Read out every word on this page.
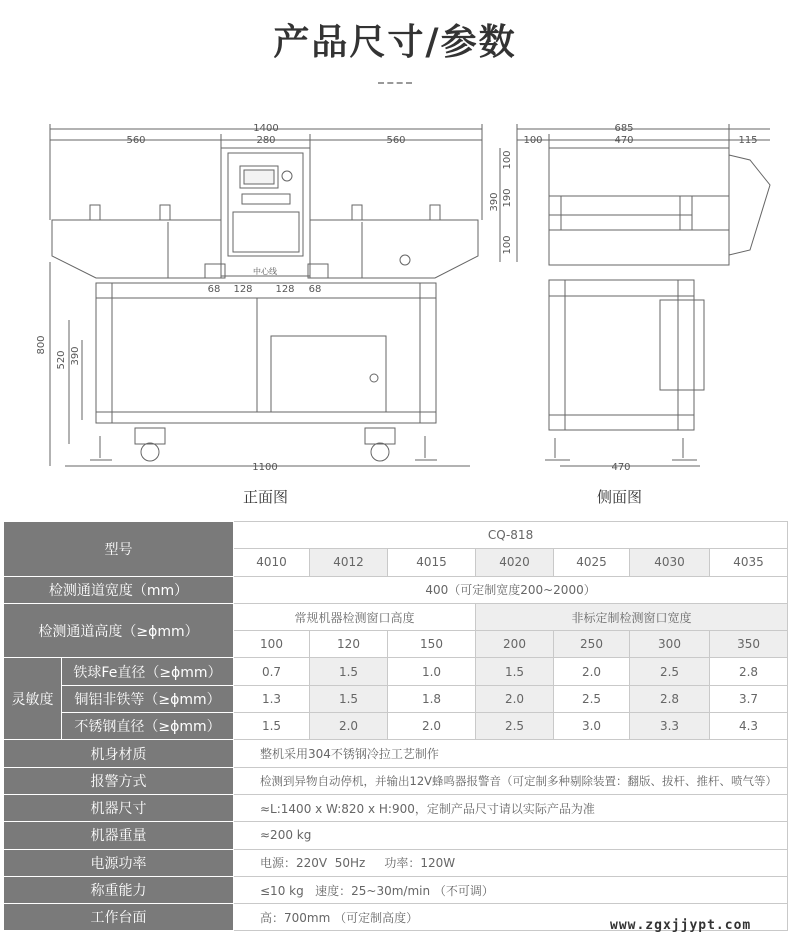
产品尺寸/参数
1400
560	280	560
68 128 128 68
中心线
1100
800
520 390
685
100	470	115
100
190
390
100
470
正面图	侧面图
型号		CQ-818						
		4010	4012	4015	4020	4025	4030	4035
检测通道宽度（mm）		400（可定制宽度200~2000）						
检测通道高度（≥ϕmm）		常规机器检测窗口高度			非标定制检测窗口宽度			
		100	120	150	200	250	300	350
灵敏度	铁球Fe直径（≥ϕmm）	0.7	1.5	1.0	1.5	2.0	2.5	2.8
	铜铝非铁等（≥ϕmm）	1.3	1.5	1.8	2.0	2.5	2.8	3.7
	不锈钢直径（≥ϕmm）	1.5	2.0	2.0	2.5	3.0	3.3	4.3
机身材质		整机采用304不锈钢冷拉工艺制作						
报警方式		检测到异物自动停机，并输出12V蜂鸣器报警音（可定制多种剔除装置：翻版、拔杆、推杆、喷气等）						
机器尺寸		≈L:1400 x W:820 x H:900，定制产品尺寸请以实际产品为准						
机器重量		≈200 kg						
电源功率		电源：220V  50Hz     功率：120W						
称重能力		≤10 kg   速度：25~30m/min （不可调）						
工作台面		高：700mm （可定制高度）						
www.zgxjjypt.com
